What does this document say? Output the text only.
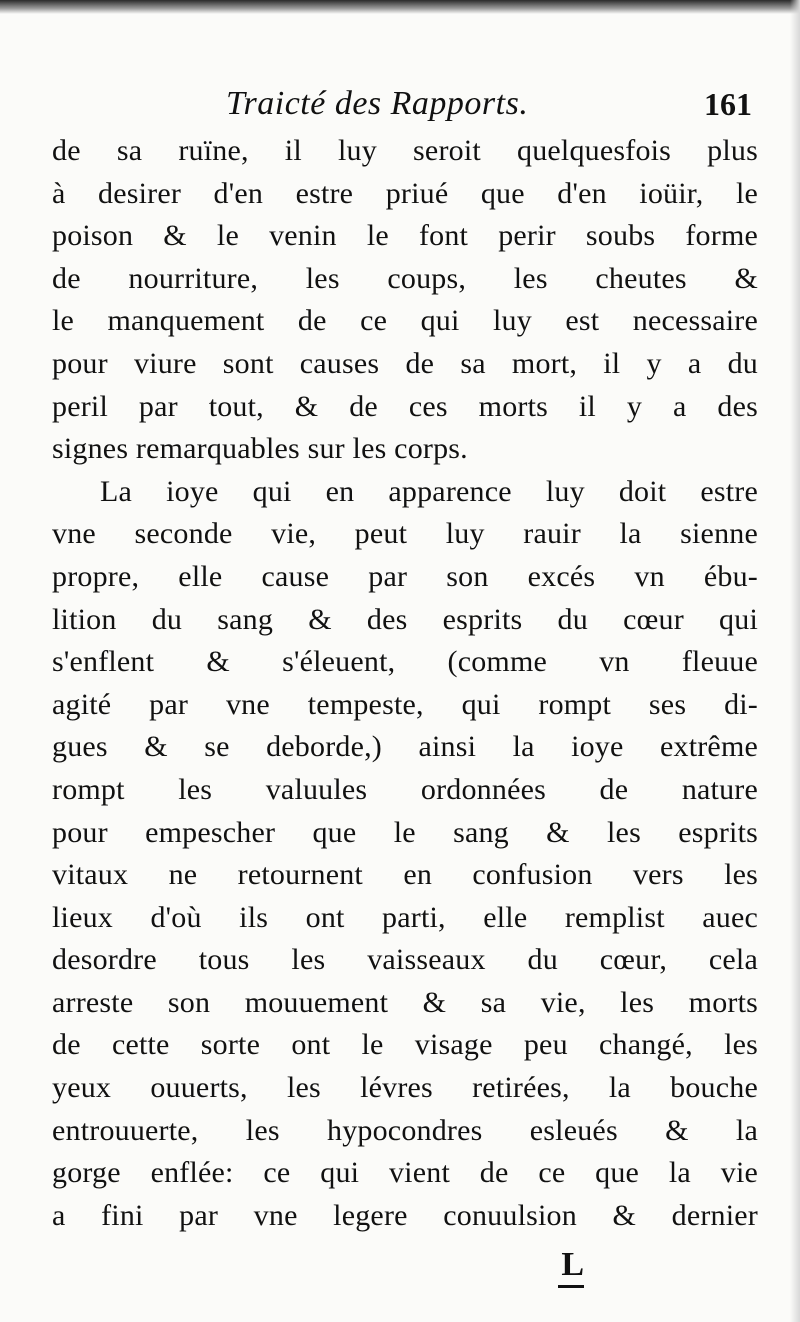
Traicté des Rapports.	161
de sa ruïne, il luy seroit quelquesfois plus
à desirer d'en estre priué que d'en ioüir, le
poison & le venin le font perir soubs forme
de nourriture, les coups, les cheutes &
le manquement de ce qui luy est necessaire
pour viure sont causes de sa mort, il y a du
peril par tout, & de ces morts il y a des
signes remarquables sur les corps.
La ioye qui en apparence luy doit estre
vne seconde vie, peut luy rauir la sienne
propre, elle cause par son excés vn ébu-
lition du sang & des esprits du cœur qui
s'enflent & s'éleuent, (comme vn fleuue
agité par vne tempeste, qui rompt ses di-
gues & se deborde,) ainsi la ioye extrême
rompt les valuules ordonnées de nature
pour empescher que le sang & les esprits
vitaux ne retournent en confusion vers les
lieux d'où ils ont parti, elle remplist auec
desordre tous les vaisseaux du cœur, cela
arreste son mouuement & sa vie, les morts
de cette sorte ont le visage peu changé, les
yeux ouuerts, les lévres retirées, la bouche
entrouuerte, les hypocondres esleués & la
gorge enflée: ce qui vient de ce que la vie
a fini par vne legere conuulsion & dernier
L
